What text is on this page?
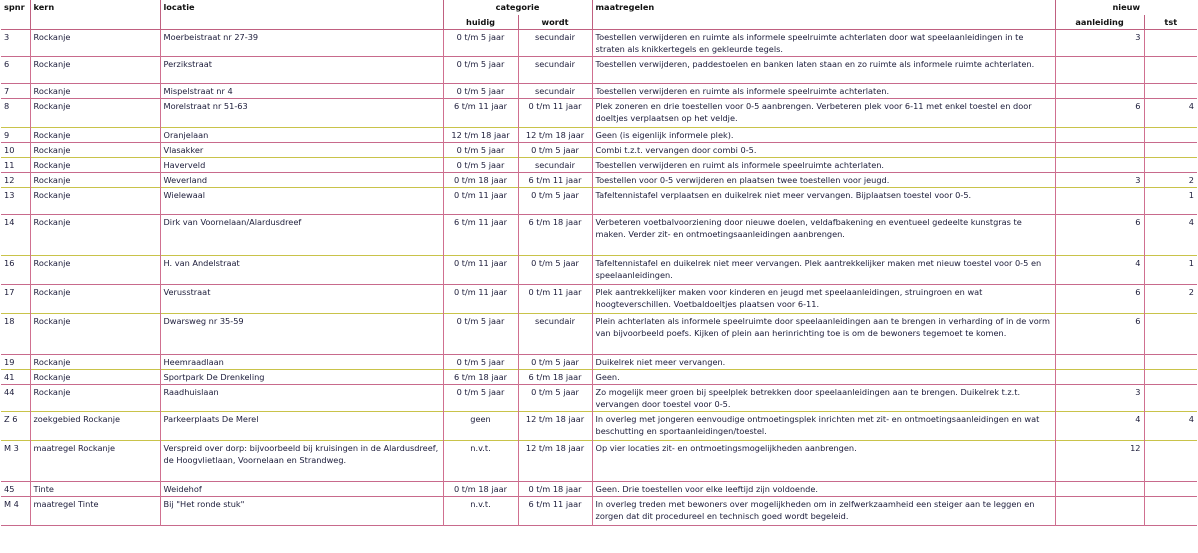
spnr	kern	locatie	categorie		maatregelen	nieuw	
			huidig	wordt		aanleiding	tst
3	Rockanje	Moerbeistraat nr 27-39	0 t/m 5 jaar	secundair	Toestellen verwijderen en ruimte als informele speelruimte achterlaten door wat speelaanleidingen in te straten als knikkertegels en gekleurde tegels.	3	
6	Rockanje	Perzikstraat	0 t/m 5 jaar	secundair	Toestellen verwijderen, paddestoelen en banken laten staan en zo ruimte als informele ruimte achterlaten.		
7	Rockanje	Mispelstraat nr 4	0 t/m 5 jaar	secundair	Toestellen verwijderen en ruimte als informele speelruimte achterlaten.		
8	Rockanje	Morelstraat nr 51-63	6 t/m 11 jaar	0 t/m 11 jaar	Plek zoneren en drie toestellen voor 0-5 aanbrengen. Verbeteren plek voor 6-11 met enkel toestel en door doeltjes verplaatsen op het veldje.	6	4
9	Rockanje	Oranjelaan	12 t/m 18 jaar	12 t/m 18 jaar	Geen (is eigenlijk informele plek).		
10	Rockanje	Vlasakker	0 t/m 5 jaar	0 t/m 5 jaar	Combi t.z.t. vervangen door combi 0-5.		
11	Rockanje	Haverveld	0 t/m 5 jaar	secundair	Toestellen verwijderen en ruimt als informele speelruimte achterlaten.		
12	Rockanje	Weverland	0 t/m 18 jaar	6 t/m 11 jaar	Toestellen voor 0-5 verwijderen en plaatsen twee toestellen voor jeugd.	3	2
13	Rockanje	Wielewaal	0 t/m 11 jaar	0 t/m 5 jaar	Tafeltennistafel verplaatsen en duikelrek niet meer vervangen. Bijplaatsen toestel voor 0-5.		1
14	Rockanje	Dirk van Voornelaan/Alardusdreef	6 t/m 11 jaar	6 t/m 18 jaar	Verbeteren voetbalvoorziening door nieuwe doelen, veldafbakening en eventueel gedeelte kunstgras te maken. Verder zit- en ontmoetingsaanleidingen aanbrengen.	6	4
16	Rockanje	H. van Andelstraat	0 t/m 11 jaar	0 t/m 5 jaar	Tafeltennistafel en duikelrek niet meer vervangen. Plek aantrekkelijker maken met nieuw toestel voor 0-5 en speelaanleidingen.	4	1
17	Rockanje	Verusstraat	0 t/m 11 jaar	0 t/m 11 jaar	Plek aantrekkelijker maken voor kinderen en jeugd met speelaanleidingen, struingroen en wat hoogteverschillen. Voetbaldoeltjes plaatsen voor 6-11.	6	2
18	Rockanje	Dwarsweg nr 35-59	0 t/m 5 jaar	secundair	Plein achterlaten als informele speelruimte door speelaanleidingen aan te brengen in verharding of in de vorm van bijvoorbeeld poefs. Kijken of plein aan herinrichting toe is om de bewoners tegemoet te komen.	6	
19	Rockanje	Heemraadlaan	0 t/m 5 jaar	0 t/m 5 jaar	Duikelrek niet meer vervangen.		
41	Rockanje	Sportpark De Drenkeling	6 t/m 18 jaar	6 t/m 18 jaar	Geen.		
44	Rockanje	Raadhuislaan	0 t/m 5 jaar	0 t/m 5 jaar	Zo mogelijk meer groen bij speelplek betrekken door speelaanleidingen aan te brengen. Duikelrek t.z.t. vervangen door toestel voor 0-5.	3	
Z 6	zoekgebied Rockanje	Parkeerplaats De Merel	geen	12 t/m 18 jaar	In overleg met jongeren eenvoudige ontmoetingsplek inrichten met zit- en ontmoetingsaanleidingen en wat beschutting en sportaanleidingen/toestel.	4	4
M 3	maatregel Rockanje	Verspreid over dorp: bijvoorbeeld bij kruisingen in de Alardusdreef, de Hoogvlietlaan, Voornelaan en Strandweg.	n.v.t.	12 t/m 18 jaar	Op vier locaties zit- en ontmoetingsmogelijkheden aanbrengen.	12	
45	Tinte	Weidehof	0 t/m 18 jaar	0 t/m 18 jaar	Geen. Drie toestellen voor elke leeftijd zijn voldoende.		
M 4	maatregel Tinte	Bij "Het ronde stuk"	n.v.t.	6 t/m 11 jaar	In overleg treden met bewoners over mogelijkheden om in zelfwerkzaamheid een steiger aan te leggen en zorgen dat dit procedureel en technisch goed wordt begeleid.		
